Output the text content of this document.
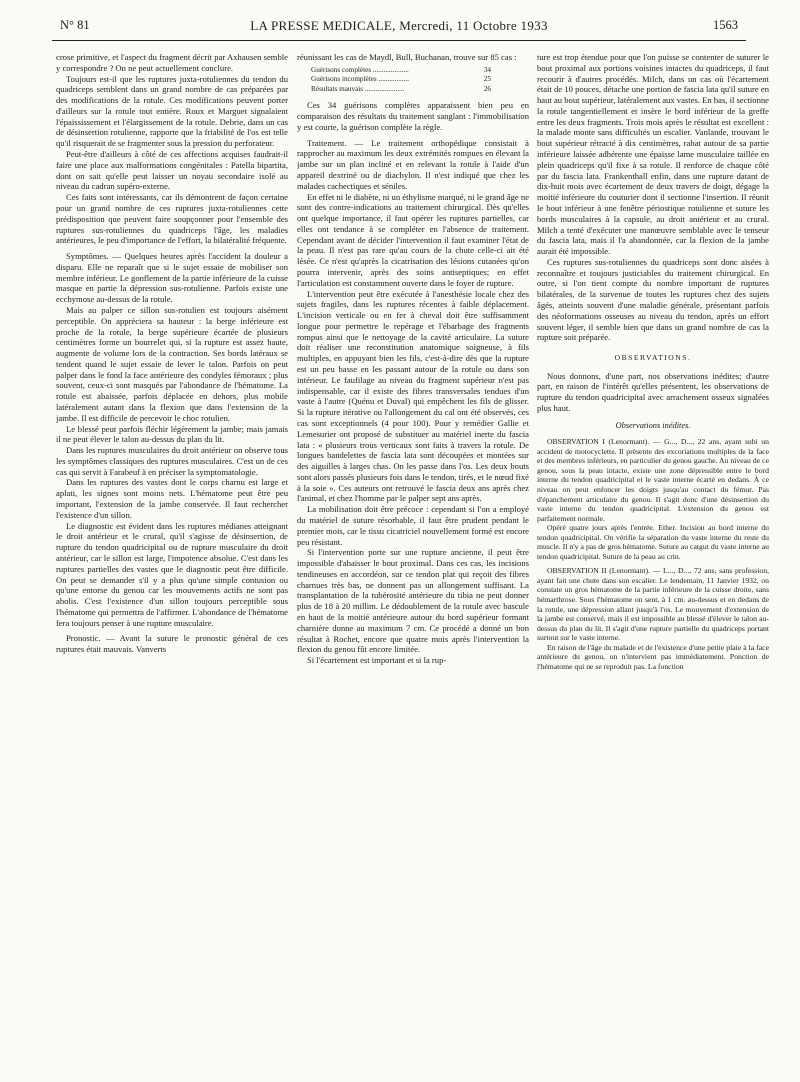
N° 81	LA PRESSE MEDICALE, Mercredi, 11 Octobre 1933	1563

crose primitive, et l'aspect du fragment décrit par Axhausen semble y correspondre ? On ne peut actuellement conclure.

Toujours est-il que les ruptures juxta-rotuliennes du tendon du quadriceps semblent dans un grand nombre de cas préparées par des modifications de la rotule. Ces modifications peuvent porter d'ailleurs sur la rotule tout entière. Roux et Marguet signalaient l'épaississement et l'élargissement de la rotule. Debrie, dans un cas de désinsertion rotulienne, rapporte que la friabilité de l'os est telle qu'il risquerait de se fragmenter sous la pression du perforateur.

Peut-être d'ailleurs à côté de ces affections acquises faudrait-il faire une place aux malformations congénitales : Patella bipartita, dont on sait qu'elle peut laisser un noyau secondaire isolé au niveau du cadran supéro-externe.

Ces faits sont intéressants, car ils démontrent de façon certaine pour un grand nombre de ces ruptures juxta-rotuliennes cette prédisposition que peuvent faire soupçonner pour l'ensemble des ruptures sus-rotuliennes du quadriceps l'âge, les maladies antérieures, le peu d'importance de l'effort, la bilatéralité fréquente.

Symptômes. — Quelques heures après l'accident la douleur a disparu. Elle ne reparaît que si le sujet essaie de mobiliser son membre inférieur. Le gonflement de la partie inférieure de la cuisse masque en partie la dépression sus-rotulienne. Parfois existe une ecchymose au-dessus de la rotule.

Mais au palper ce sillon sus-rotulien est toujours aisément perceptible. On appréciera sa hauteur : la berge inférieure est proche de la rotule, la berge supérieure écartée de plusieurs centimètres forme un bourrelet qui, si la rupture est assez haute, augmente de volume lors de la contraction. Ses bords latéraux se tendent quand le sujet essaie de lever le talon. Parfois on peut palper dans le fond la face antérieure des condyles fémoraux ; plus souvent, ceux-ci sont masqués par l'abondance de l'hématome. La rotule est abaissée, parfois déplacée en dehors, plus mobile latéralement autant dans la flexion que dans l'extension de la jambe. Il est difficile de percevoir le choc rotulien.

Le blessé peut parfois fléchir légèrement la jambe; mais jamais il ne peut élever le talon au-dessus du plan du lit.

Dans les ruptures musculaires du droit antérieur on observe tous les symptômes classiques des ruptures musculaires. C'est un de ces cas qui servit à Farabeuf à en préciser la symptomatologie.

Dans les ruptures des vastes dont le corps charnu est large et aplati, les signes sont moins nets. L'hématome peut être peu important, l'extension de la jambe conservée. Il faut rechercher l'existence d'un sillon.

Le diagnostic est évident dans les ruptures médianes atteignant le droit antérieur et le crural, qu'il s'agisse de désinsertion, de rupture du tendon quadricipital ou de rupture musculaire du droit antérieur, car le sillon est large, l'impotence absolue. C'est dans les ruptures partielles des vastes que le diagnostic peut être difficile. On peut se demander s'il y a plus qu'une simple contusion ou qu'une entorse du genou car les mouvements actifs ne sont pas abolis. C'est l'existence d'un sillon toujours perceptible sous l'hématome qui permettra de l'affirmer. L'abondance de l'hématome fera toujours penser à une rupture musculaire.

Pronostic. — Avant la suture le pronostic général de ces ruptures était mauvais. Vanverts

réunissant les cas de Maydl, Bull, Buchanan, trouve sur 85 cas :

Guérisons complètes ....................	34
Guérisons incomplètes .................	25
Résultats mauvais ......................	26

Ces 34 guérisons complètes apparaissent bien peu en comparaison des résultats du traitement sanglant : l'immobilisation y est courte, la guérison complète la règle.

Traitement. — Le traitement orthopédique consistait à rapprocher au maximum les deux extrémités rompues en élevant la jambe sur un plan incliné et en relevant la rotule à l'aide d'un appareil dextriné ou de diachylon. Il n'est indiqué que chez les malades cachectiques et séniles.

En effet ni le diabète, ni un éthylisme marqué, ni le grand âge ne sont des contre-indications au traitement chirurgical. Dès qu'elles ont quelque importance, il faut opérer les ruptures partielles, car elles ont tendance à se compléter en l'absence de traitement. Cependant avant de décider l'intervention il faut examiner l'état de la peau. Il n'est pas rare qu'au cours de la chute celle-ci ait été lésée. Ce n'est qu'après la cicatrisation des lésions cutanées qu'on pourra intervenir, après des soins antiseptiques; en effet l'articulation est constamment ouverte dans le foyer de rupture.

L'intervention peut être exécutée à l'anesthésie locale chez des sujets fragiles, dans les ruptures récentes à faible déplacement. L'incision verticale ou en fer à cheval doit être suffisamment longue pour permettre le repérage et l'ébarbage des fragments rompus ainsi que le nettoyage de la cavité articulaire. La suture doit réaliser une reconstitution anatomique soigneuse, à fils multiples, en appuyant bien les fils, c'est-à-dire dès que la rupture est un peu basse en les passant autour de la rotule ou dans son intérieur. Le faufilage au niveau du fragment supérieur n'est pas indispensable, car il existe des fibres transversales tendues d'un vaste à l'autre (Quénu et Duval) qui empêchent les fils de glisser. Si la rupture itérative ou l'allongement du cal ont été observés, ces cas sont exceptionnels (4 pour 100). Pour y remédier Gallie et Lemesurier ont proposé de substituer au matériel inerte du fascia lata : « plusieurs trous verticaux sont faits à travers la rotule. De longues bandelettes de fascia lata sont découpées et montées sur des aiguilles à larges chas. On les passe dans l'os. Les deux bouts sont alors passés plusieurs fois dans le tendon, tirés, et le nœud fixé à la soie ». Ces auteurs ont retrouvé le fascia deux ans après chez l'animal, et chez l'homme par le palper sept ans après.

La mobilisation doit être précoce : cependant si l'on a employé du matériel de suture résorbable, il faut être prudent pendant le premier mois, car le tissu cicatriciel nouvellement formé est encore peu résistant.

Si l'intervention porte sur une rupture ancienne, il peut être impossible d'abaisser le bout proximal. Dans ces cas, les incisions tendineuses en accordéon, sur ce tendon plat qui reçoit des fibres charnues très bas, ne donnent pas un allongement suffisant. La transplantation de la tubérosité antérieure du tibia ne peut donner plus de 18 à 20 millim. Le dédoublement de la rotule avec bascule en haut de la moitié antérieure autour du bord supérieur formant charnière donne au maximum 7 cm. Ce procédé a donné un bon résultat à Rochet, encore que quatre mois après l'intervention la flexion du genou fût encore limitée.

Si l'écartement est important et si la rup-

ture est trop étendue pour que l'on puisse se contenter de suturer le bout proximal aux portions voisines intactes du quadriceps, il faut recourir à d'autres procédés. Milch, dans un cas où l'écartement était de 10 pouces, détache une portion de fascia lata qu'il suture en haut au bout supérieur, latéralement aux vastes. En bas, il sectionne la rotule tangentiellement et insère le bord inférieur de la greffe entre les deux fragments. Trois mois après le résultat est excellent : la malade monte sans difficultés un escalier. Vanlande, trouvant le bout supérieur rétracté à dix centimètres, rabat autour de sa partie inférieure laissée adhérente une épaisse lame musculaire taillée en plein quadriceps qu'il fixe à sa rotule. Il renforce de chaque côté par du fascia lata. Frankenthall enfin, dans une rupture datant de dix-huit mois avec écartement de deux travers de doigt, dégage la moitié inférieure du couturier dont il sectionne l'insertion. Il réunit le bout inférieur à une fenêtre périostique rotulienne et suture les bords musculaires à la capsule, au droit antérieur et au crural. Milch a tenté d'exécuter une manœuvre semblable avec le tenseur du fascia lata, mais il l'a abandonnée, car la flexion de la jambe aurait été impossible.

Ces ruptures sus-rotuliennes du quadriceps sont donc aisées à reconnaître et toujours justiciables du traitement chirurgical. En outre, si l'on tient compte du nombre important de ruptures bilatérales, de la survenue de toutes les ruptures chez des sujets âgés, atteints souvent d'une maladie générale, présentant parfois des néoformations osseuses au niveau du tendon, après un effort souvent léger, il semble bien que dans un grand nombre de cas la rupture soit préparée.

OBSERVATIONS.

Nous donnons, d'une part, nos observations inédites; d'autre part, en raison de l'intérêt qu'elles présentent, les observations de rupture du tendon quadricipital avec arrachement osseux signalées plus haut.

Observations inédites.

OBSERVATION I (Lenormant). — G..., D..., 22 ans, ayant subi un accident de motocyclette. Il présente des excoriations multiples de la face et des membres inférieurs, en particulier du genou gauche. Au niveau de ce genou, sous la peau intacte, existe une zone dépressible entre le bord interne du tendon quadricipital et le vaste interne écarté en dedans. À ce niveau on peut enfoncer les doigts jusqu'au contact du fémur. Pas d'épanchement articulaire du genou. Il s'agit donc d'une désinsertion du vaste interne du tendon quadricipital. L'extension du genou est parfaitement normale.

Opéré quatre jours après l'entrée. Ether. Incision au bord interne du tendon quadricipital. On vérifie la séparation du vaste interne du reste du muscle. Il n'y a pas de gros hématome. Suture au catgut du vaste interne au tendon quadricipital. Suture de la peau au crin.

OBSERVATION II (Lenormant). — L..., D..., 72 ans, sans profession, ayant fait une chute dans son escalier. Le lendemain, 11 Janvier 1932, on constate un gros hématome de la partie inférieure de la cuisse droite, sans hémarthrose. Sous l'hématome on sent, à 1 cm. au-dessus et en dedans de la rotule, une dépression allant jusqu'à l'os. Le mouvement d'extension de la jambe est conservé, mais il est impossible au blessé d'élever le talon au-dessus du plan du lit. Il s'agit d'une rupture partielle du quadriceps portant surtout sur le vaste interne.

En raison de l'âge du malade et de l'existence d'une petite plaie à la face antérieure du genou, on n'intervient pas immédiatement. Ponction de l'hématome qui ne se reproduit pas. La fonction
